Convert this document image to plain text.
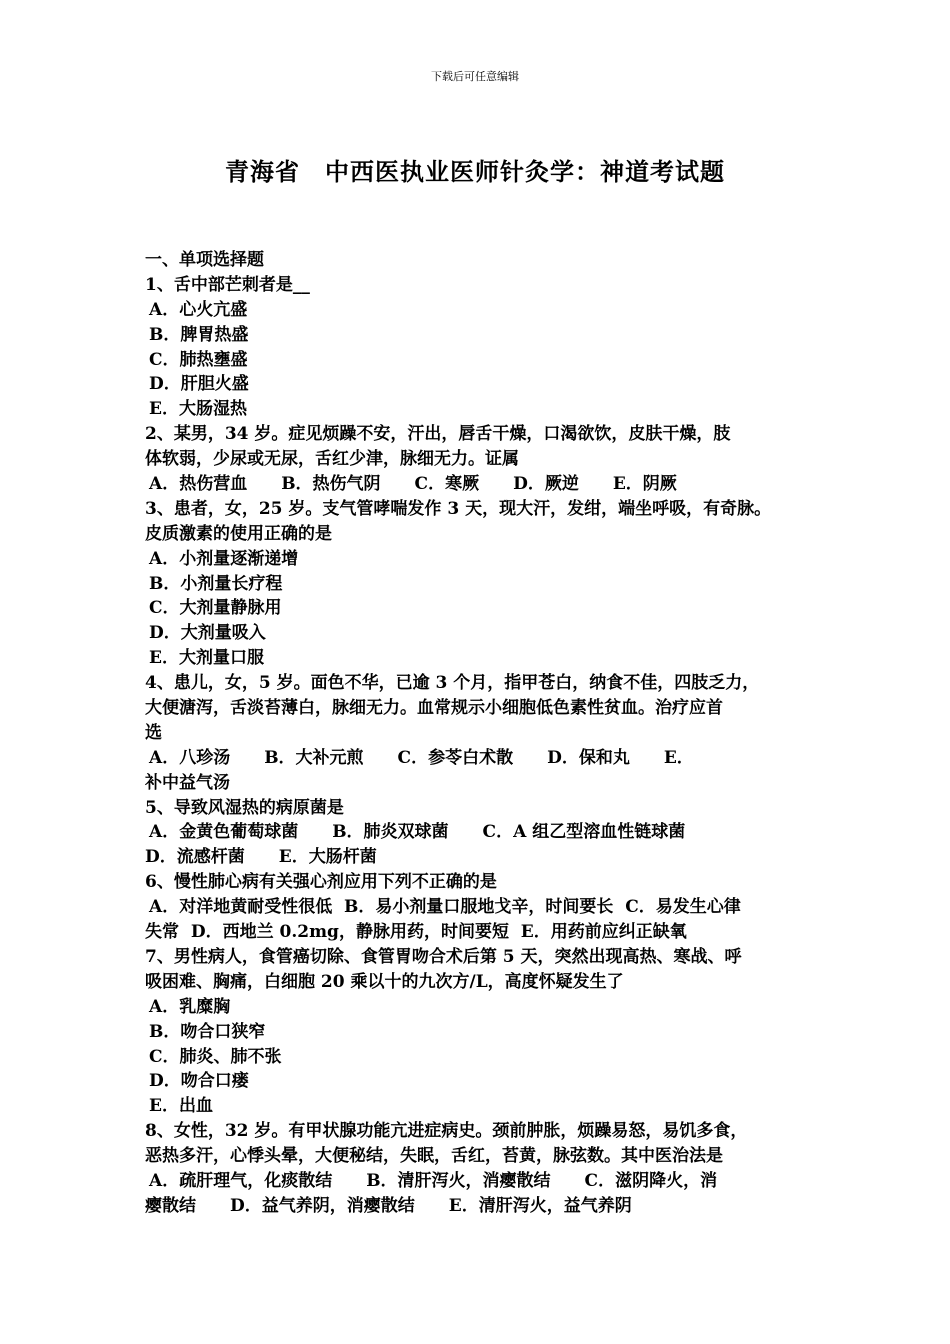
下载后可任意编辑
青海省　中西医执业医师针灸学：神道考试题
一、单项选择题
1、舌中部芒刺者是__
A．心火亢盛
B．脾胃热盛
C．肺热壅盛
D．肝胆火盛
E．大肠湿热
2、某男，34 岁。症见烦躁不安，汗出，唇舌干燥，口渴欲饮，皮肤干燥，肢
体软弱，少尿或无尿，舌红少津，脉细无力。证属
A．热伤营血　　B．热伤气阴　　C．寒厥　　D．厥逆　　E．阴厥
3、患者，女，25 岁。支气管哮喘发作 3 天，现大汗，发绀，端坐呼吸，有奇脉。
皮质激素的使用正确的是
A．小剂量逐渐递增
B．小剂量长疗程
C．大剂量静脉用
D．大剂量吸入
E．大剂量口服
4、患儿，女，5 岁。面色不华，已逾 3 个月，指甲苍白，纳食不佳，四肢乏力，
大便溏泻，舌淡苔薄白，脉细无力。血常规示小细胞低色素性贫血。治疗应首
选
A．八珍汤　　B．大补元煎　　C．参苓白术散　　D．保和丸　　E．
补中益气汤
5、导致风湿热的病原菌是
A．金黄色葡萄球菌　　B．肺炎双球菌　　C．A 组乙型溶血性链球菌
D．流感杆菌　　E．大肠杆菌
6、慢性肺心病有关强心剂应用下列不正确的是
A．对洋地黄耐受性很低  B．易小剂量口服地戈辛，时间要长  C．易发生心律
失常  D．西地兰 0.2mg，静脉用药，时间要短  E．用药前应纠正缺氧
7、男性病人，食管癌切除、食管胃吻合术后第 5 天，突然出现高热、寒战、呼
吸困难、胸痛，白细胞 20 乘以十的九次方/L，高度怀疑发生了
A．乳糜胸
B．吻合口狭窄
C．肺炎、肺不张
D．吻合口瘘
E．出血
8、女性，32 岁。有甲状腺功能亢进症病史。颈前肿胀，烦躁易怒，易饥多食，
恶热多汗，心悸头晕，大便秘结，失眠，舌红，苔黄，脉弦数。其中医治法是
A．疏肝理气，化痰散结　　B．清肝泻火，消瘿散结　　C．滋阴降火，消
瘿散结　　D．益气养阴，消瘿散结　　E．清肝泻火，益气养阴
